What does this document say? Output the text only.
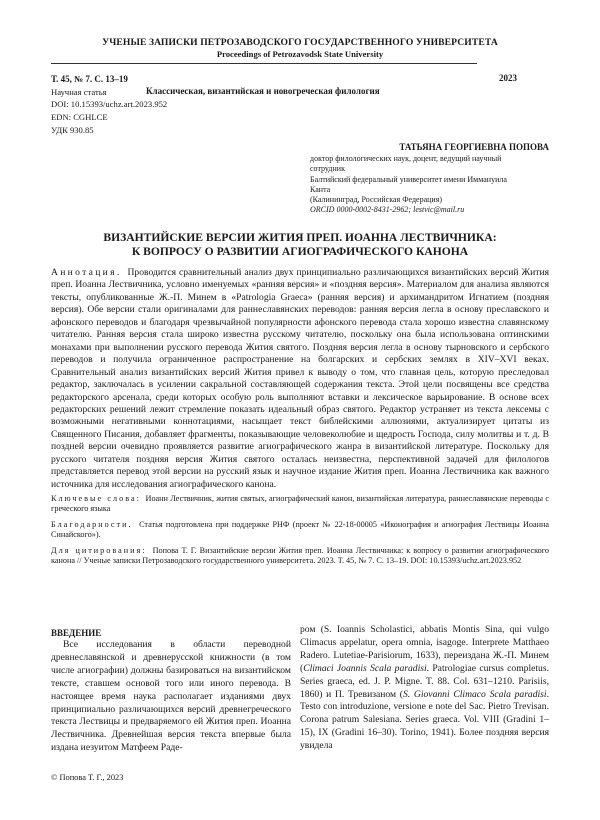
УЧЕНЫЕ ЗАПИСКИ ПЕТРОЗАВОДСКОГО ГОСУДАРСТВЕННОГО УНИВЕРСИТЕТА
Proceedings of Petrozavodsk State University
Т. 45, № 7. С. 13–19	2023
Научная статья	Классическая, византийская и новогреческая филология
DOI: 10.15393/uchz.art.2023.952
EDN: CGHLCE
УДК 930.85
ТАТЬЯНА ГЕОРГИЕВНА ПОПОВА
доктор филологических наук, доцент, ведущий научный
сотрудник
Балтийский федеральный университет имени Иммануила
Канта
(Калининград, Российская Федерация)
ORCID 0000-0002-8431-2962; lestvic@mail.ru
ВИЗАНТИЙСКИЕ ВЕРСИИ ЖИТИЯ ПРЕП. ИОАННА ЛЕСТВИЧНИКА:
К ВОПРОСУ О РАЗВИТИИ АГИОГРАФИЧЕСКОГО КАНОНА

Аннотация. Проводится сравнительный анализ двух принципиально различающихся византийских версий Жития преп. Иоанна Лествичника, условно именуемых «ранняя версия» и «поздняя версия». Материалом для анализа являются тексты, опубликованные Ж.-П. Минем в «Patrologia Graeca» (ранняя версия) и архимандритом Игнатием (поздняя версия). Обе версии стали оригиналами для раннеславянских переводов: ранняя версия легла в основу преславского и афонского переводов и благодаря чрезвычайной популярности афонского перевода стала хорошо известна славянскому читателю. Ранняя версия стала широко известна русскому читателю, поскольку она была использована оптинскими монахами при выполнении русского перевода Жития святого. Поздняя версия легла в основу тырновского и сербского переводов и получила ограниченное распространение на болгарских и сербских землях в XIV–XVI веках. Сравнительный анализ византийских версий Жития привел к выводу о том, что главная цель, которую преследовал редактор, заключалась в усилении сакральной составляющей содержания текста. Этой цели посвящены все средства редакторского арсенала, среди которых особую роль выполняют вставки и лексическое варьирование. В основе всех редакторских решений лежит стремление показать идеальный образ святого. Редактор устраняет из текста лексемы с возможными негативными коннотациями, насыщает текст библейскими аллюзиями, актуализирует цитаты из Священного Писания, добавляет фрагменты, показывающие человеколюбие и щедрость Господа, силу молитвы и т. д. В поздней версии очевидно проявляется развитие агиографического жанра в византийской литературе. Поскольку для русского читателя поздняя версия Жития святого осталась неизвестна, перспективной задачей для филологов представляется перевод этой версии на русский язык и научное издание Жития преп. Иоанна Лествичника как важного источника для исследования агиографического канона.

Ключевые слова: Иоанн Лествичник, жития святых, агиографический канон, византийская литература, раннеславянские переводы с греческого языка
Благодарности. Статья подготовлена при поддержке РНФ (проект № 22-18-00005 «Иконография и агиография Лествицы Иоанна Синайского»).
Для цитирования: Попова Т. Г. Византийские версии Жития преп. Иоанна Лествичника: к вопросу о развитии агиографического канона // Ученые записки Петрозаводского государственного университета. 2023. Т. 45, № 7. С. 13–19. DOI: 10.15393/uchz.art.2023.952
ВВЕДЕНИЕ

Все исследования в области переводной древнеславянской и древнерусской книжности (в том числе агиографии) должны базироваться на византийском тексте, ставшем основой того или иного перевода. В настоящее время наука располагает изданиями двух принципиально различающихся версий древнегреческого текста Лествицы и предваряемого ей Жития преп. Иоанна Лествичника. Древнейшая версия текста впервые была издана иезуитом Матфеем Раде-

ром (S. Ioannis Scholastici, abbatis Montis Sina, qui vulgo Climacus appelatur, opera omnia, isagoge. Interprete Matthaeo Radero. Lutetiae-Parisiorum, 1633), переиздана Ж.-П. Минем (Climaci Joannis Scala paradisi. Patrologiae cursus completus. Series graeca, ed. J. P. Migne. T. 88. Col. 631–1210. Parisiis, 1860) и П. Тревизаном (S. Giovanni Climaco Scala paradisi. Testo con introduzione, versione e note del Sac. Pietro Trevisan. Corona patrum Salesiana. Series graeca. Vol. VIII (Gradini 1–15), IX (Gradini 16–30). Torino, 1941). Более поздняя версия увидела

© Попова Т. Г., 2023
